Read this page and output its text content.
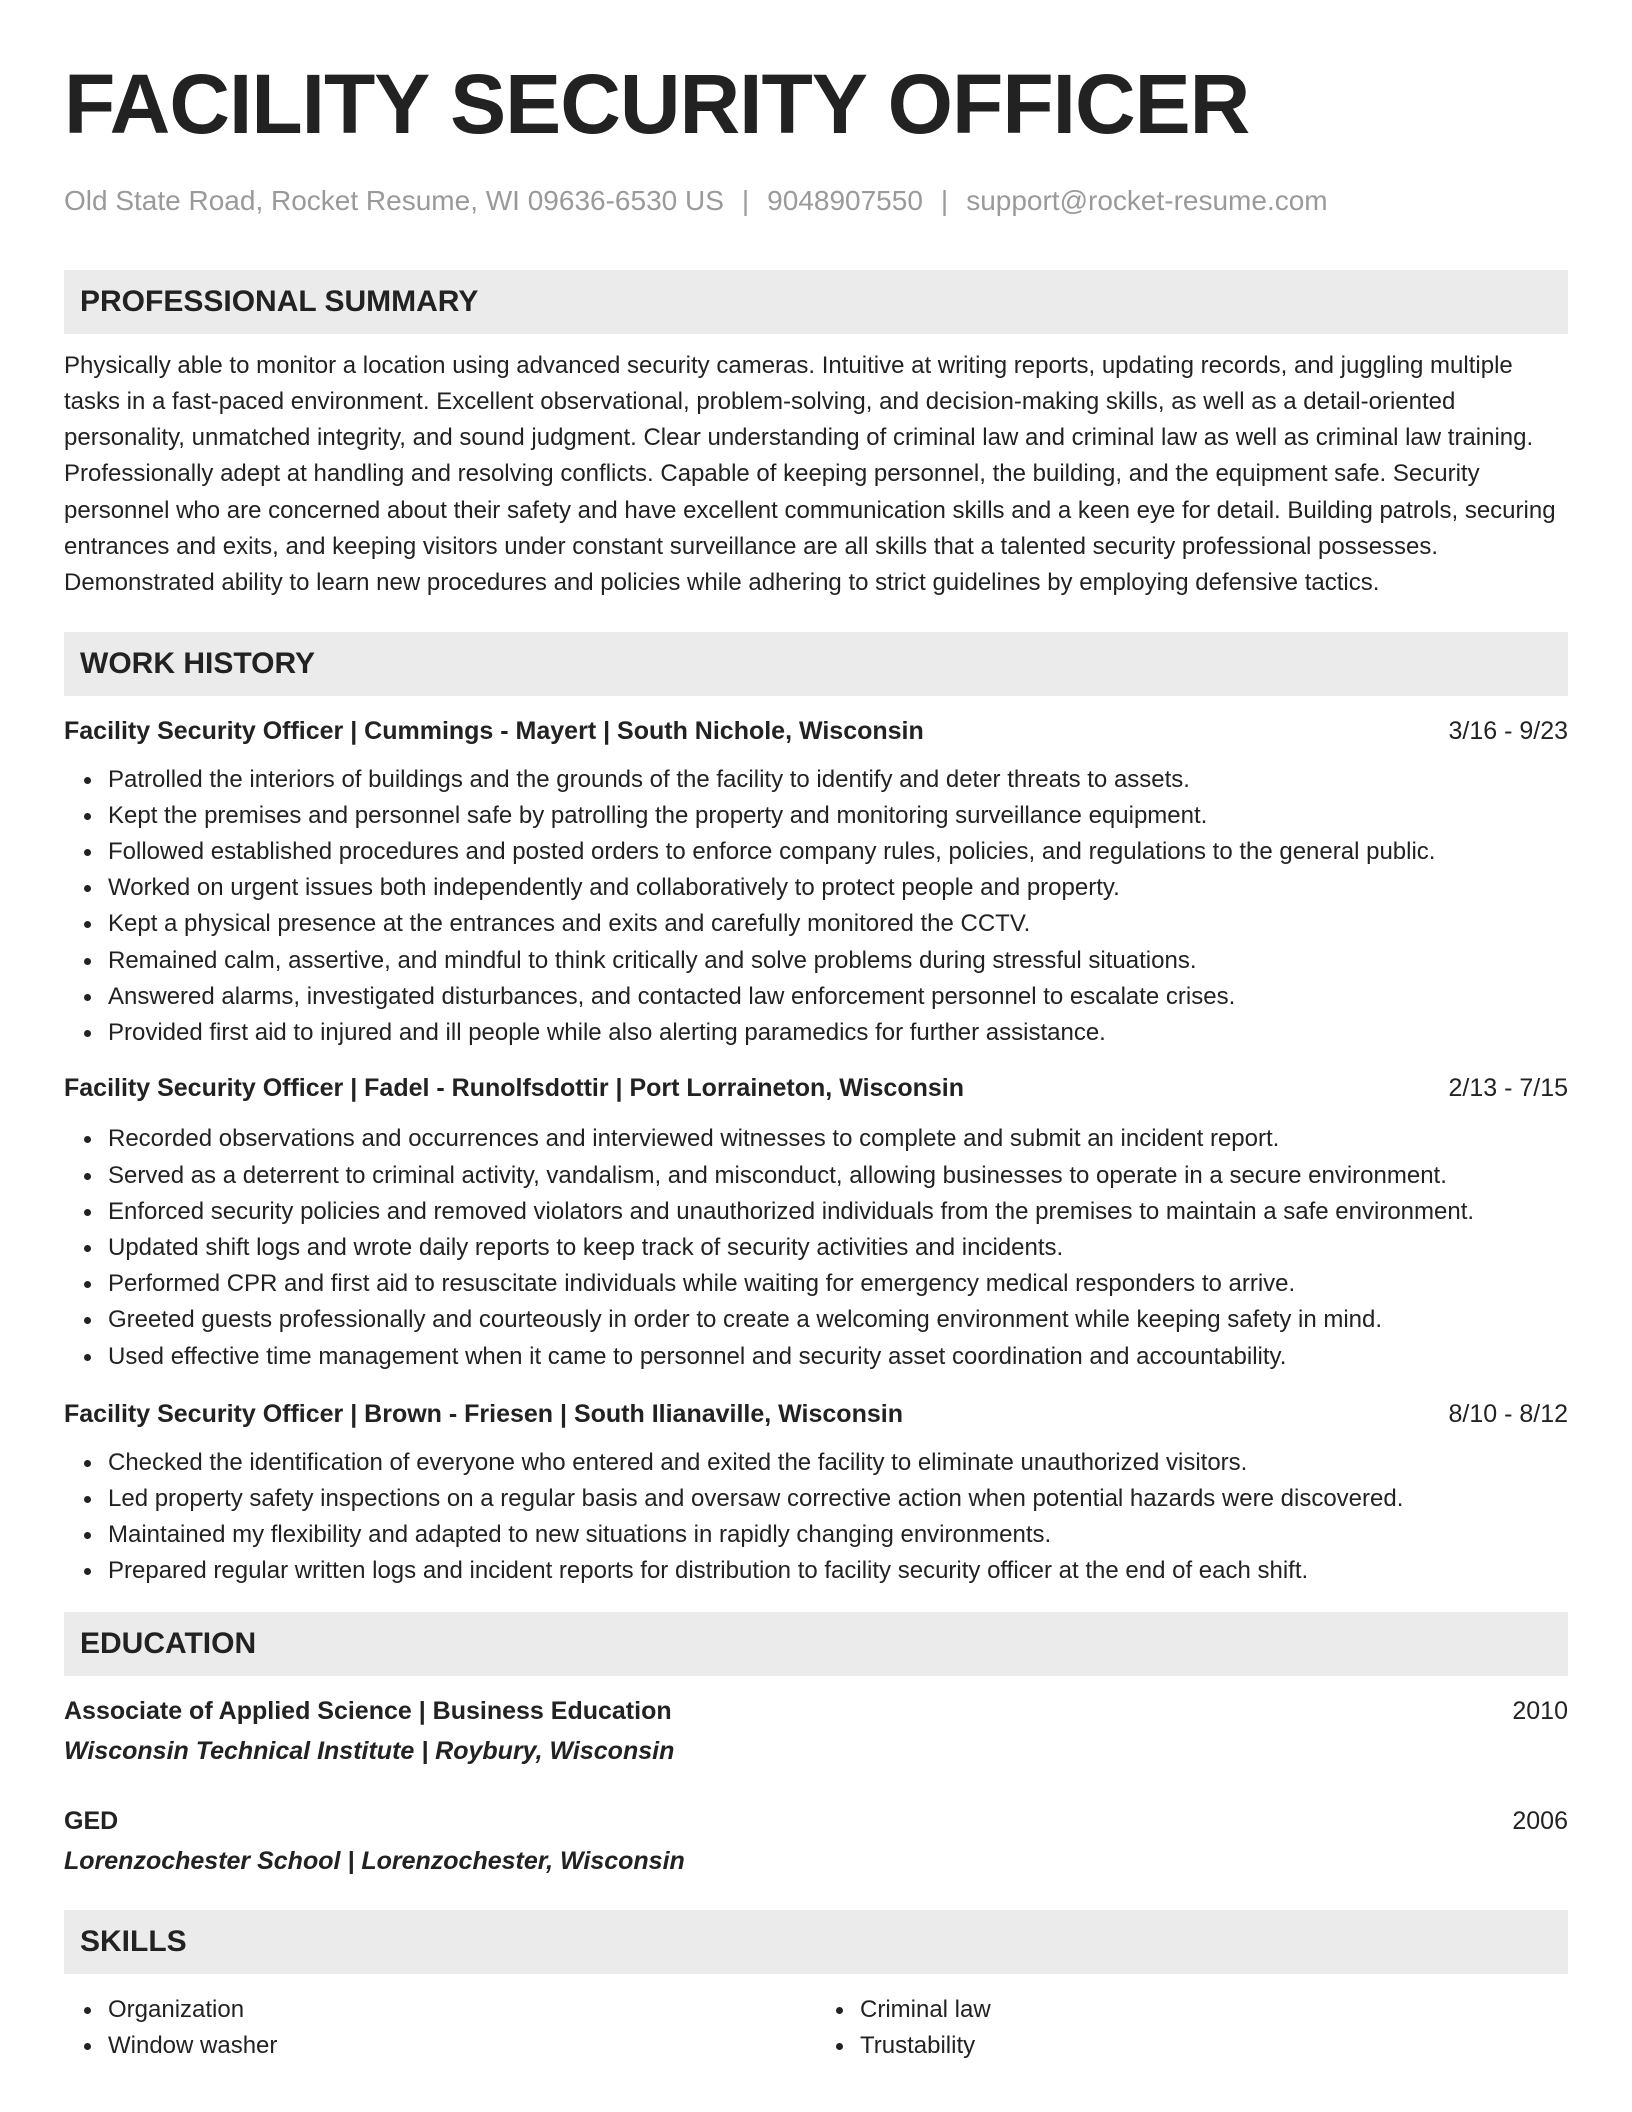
FACILITY SECURITY OFFICER
Old State Road, Rocket Resume, WI 09636-6530 US | 9048907550 | support@rocket-resume.com
PROFESSIONAL SUMMARY

Physically able to monitor a location using advanced security cameras. Intuitive at writing reports, updating records, and juggling multiple tasks in a fast-paced environment. Excellent observational, problem-solving, and decision-making skills, as well as a detail-oriented personality, unmatched integrity, and sound judgment. Clear understanding of criminal law and criminal law as well as criminal law training. Professionally adept at handling and resolving conflicts. Capable of keeping personnel, the building, and the equipment safe. Security personnel who are concerned about their safety and have excellent communication skills and a keen eye for detail. Building patrols, securing entrances and exits, and keeping visitors under constant surveillance are all skills that a talented security professional possesses. Demonstrated ability to learn new procedures and policies while adhering to strict guidelines by employing defensive tactics.

WORK HISTORY
Facility Security Officer | Cummings - Mayert | South Nichole, Wisconsin	3/16 - 9/23
Patrolled the interiors of buildings and the grounds of the facility to identify and deter threats to assets.
Kept the premises and personnel safe by patrolling the property and monitoring surveillance equipment.
Followed established procedures and posted orders to enforce company rules, policies, and regulations to the general public.
Worked on urgent issues both independently and collaboratively to protect people and property.
Kept a physical presence at the entrances and exits and carefully monitored the CCTV.
Remained calm, assertive, and mindful to think critically and solve problems during stressful situations.
Answered alarms, investigated disturbances, and contacted law enforcement personnel to escalate crises.
Provided first aid to injured and ill people while also alerting paramedics for further assistance.
Facility Security Officer | Fadel - Runolfsdottir | Port Lorraineton, Wisconsin	2/13 - 7/15
Recorded observations and occurrences and interviewed witnesses to complete and submit an incident report.
Served as a deterrent to criminal activity, vandalism, and misconduct, allowing businesses to operate in a secure environment.
Enforced security policies and removed violators and unauthorized individuals from the premises to maintain a safe environment.
Updated shift logs and wrote daily reports to keep track of security activities and incidents.
Performed CPR and first aid to resuscitate individuals while waiting for emergency medical responders to arrive.
Greeted guests professionally and courteously in order to create a welcoming environment while keeping safety in mind.
Used effective time management when it came to personnel and security asset coordination and accountability.
Facility Security Officer | Brown - Friesen | South Ilianaville, Wisconsin	8/10 - 8/12
Checked the identification of everyone who entered and exited the facility to eliminate unauthorized visitors.
Led property safety inspections on a regular basis and oversaw corrective action when potential hazards were discovered.
Maintained my flexibility and adapted to new situations in rapidly changing environments.
Prepared regular written logs and incident reports for distribution to facility security officer at the end of each shift.
EDUCATION
Associate of Applied Science | Business Education	2010
Wisconsin Technical Institute | Roybury, Wisconsin
GED	2006
Lorenzochester School | Lorenzochester, Wisconsin
SKILLS
Organization
Window washer
Criminal law
Trustability
